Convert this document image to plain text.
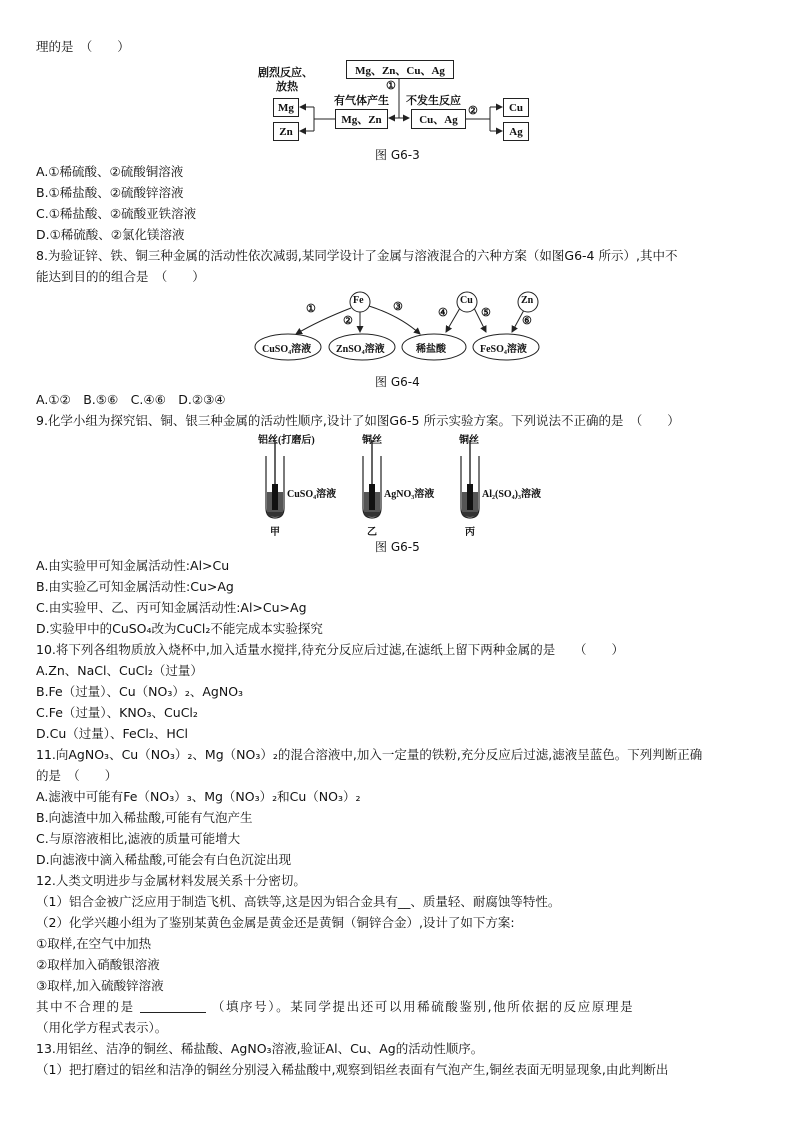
理的是　（　　）
Mg、Zn、Cu、Ag
Mg、Zn	Cu、Ag
Mg
Zn
Cu
Ag
剧烈反应、
放热
有气体产生 不发生反应
①
②
图 G6-3
A.①稀硫酸、②硫酸铜溶液
B.①稀盐酸、②硫酸锌溶液
C.①稀盐酸、②硫酸亚铁溶液
D.①稀硫酸、②氯化镁溶液
8.为验证锌、铁、铜三种金属的活动性依次减弱,某同学设计了金属与溶液混合的六种方案（如图G6-4 所示）,其中不
能达到目的的组合是　（　　）
Fe	Cu	Zn
CuSO₄溶液 ZnSO₄溶液	稀盐酸	FeSO₄溶液
①
②
③	④	⑤
⑥
图 G6-4
A.①②　B.⑤⑥　C.④⑥　D.②③④
9.化学小组为探究铝、铜、银三种金属的活动性顺序,设计了如图G6-5 所示实验方案。下列说法不正确的是　（　　）
铝丝(打磨后)	铜丝	铜丝
CuSO₄溶液	AgNO₃溶液	Al₂(SO₄)₃溶液
甲	乙	丙
图 G6-5
A.由实验甲可知金属活动性:Al>Cu
B.由实验乙可知金属活动性:Cu>Ag
C.由实验甲、乙、丙可知金属活动性:Al>Cu>Ag
D.实验甲中的CuSO₄改为CuCl₂不能完成本实验探究
10.将下列各组物质放入烧杯中,加入适量水搅拌,待充分反应后过滤,在滤纸上留下两种金属的是　　（　　）
A.Zn、NaCl、CuCl₂（过量）
B.Fe（过量）、Cu（NO₃）₂、AgNO₃
C.Fe（过量）、KNO₃、CuCl₂
D.Cu（过量）、FeCl₂、HCl
11.向AgNO₃、Cu（NO₃）₂、Mg（NO₃）₂的混合溶液中,加入一定量的铁粉,充分反应后过滤,滤液呈蓝色。下列判断正确
的是　（　　）
A.滤液中可能有Fe（NO₃）₃、Mg（NO₃）₂和Cu（NO₃）₂
B.向滤渣中加入稀盐酸,可能有气泡产生
C.与原溶液相比,滤液的质量可能增大
D.向滤液中滴入稀盐酸,可能会有白色沉淀出现
12.人类文明进步与金属材料发展关系十分密切。
（1）铝合金被广泛应用于制造飞机、高铁等,这是因为铝合金具有__、质量轻、耐腐蚀等特性。
（2）化学兴趣小组为了鉴别某黄色金属是黄金还是黄铜（铜锌合金）,设计了如下方案:
①取样,在空气中加热
②取样加入硝酸银溶液
③取样,加入硫酸锌溶液
其中不合理的是	（填序号）。某同学提出还可以用稀硫酸鉴别,他所依据的反应原理是
（用化学方程式表示）。
13.用铝丝、洁净的铜丝、稀盐酸、AgNO₃溶液,验证Al、Cu、Ag的活动性顺序。
（1）把打磨过的铝丝和洁净的铜丝分别浸入稀盐酸中,观察到铝丝表面有气泡产生,铜丝表面无明显现象,由此判断出
